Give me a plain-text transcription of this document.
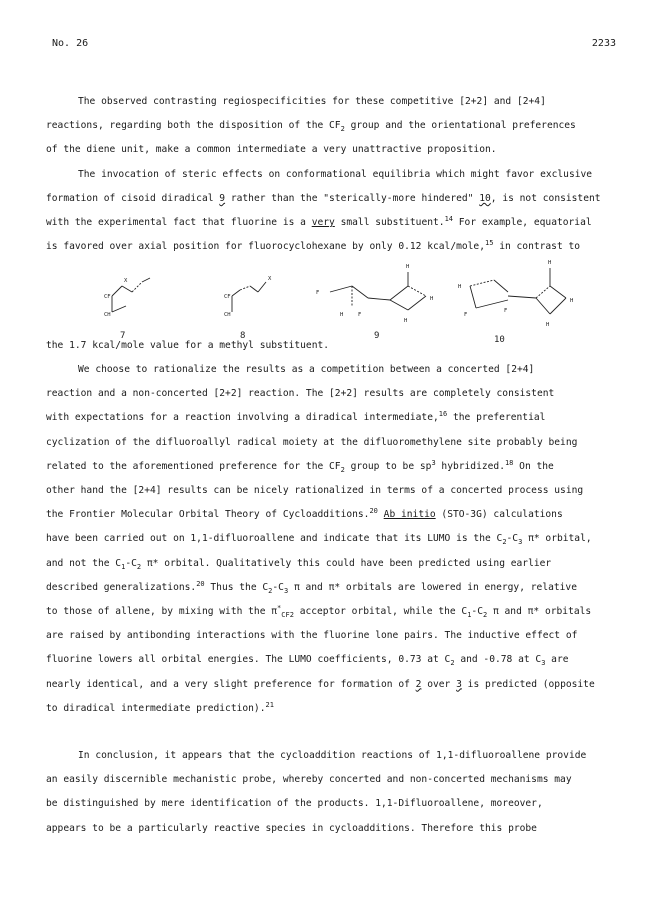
No. 26	2233

The observed contrasting regiospecificities for these competitive [2+2] and [2+4]

reactions, regarding both the disposition of the $CF_2$ group and the orientational preferences

of the diene unit, make a common intermediate a very unattractive proposition.

The invocation of steric effects on conformational equilibria which might favor exclusive

formation of cisoid diradical 9 rather than the "sterically-more hindered" 10, is not consistent

with the experimental fact that fluorine is a very small substituent.$^{14}$ For example, equatorial

is favored over axial position for fluorocyclohexane by only 0.12 kcal/mole,$^{15}$ in contrast to

X
CF
CH
CF
X
CH
F
H	F
H
H
H
H
F
F
H
H
H
7	8	9	10

the 1.7 kcal/mole value for a methyl substituent.

We choose to rationalize the results as a competition between a concerted [2+4]

reaction and a non-concerted [2+2] reaction. The [2+2] results are completely consistent

with expectations for a reaction involving a diradical intermediate,$^{16}$ the preferential

cyclization of the difluoroallyl radical moiety at the difluoromethylene site probably being

related to the aforementioned preference for the $CF_2$ group to be $sp^3$ hybridized.$^{18}$ On the

other hand the [2+4] results can be nicely rationalized in terms of a concerted process using

the Frontier Molecular Orbital Theory of Cycloadditions.$^{20}$ Ab initio (STO-3G) calculations

have been carried out on 1,1-difluoroallene and indicate that its LUMO is the $C_2-C_3$ π* orbital,

and not the $C_1-C_2$ π* orbital. Qualitatively this could have been predicted using earlier

described generalizations.$^{20}$ Thus the $C_2-C_3$ π and π* orbitals are lowered in energy, relative

to those of allene, by mixing with the $\pi^*_{CF2}$ acceptor orbital, while the $C_1-C_2$ π and π* orbitals

are raised by antibonding interactions with the fluorine lone pairs. The inductive effect of

fluorine lowers all orbital energies. The LUMO coefficients, 0.73 at $C_2$ and -0.78 at $C_3$ are

nearly identical, and a very slight preference for formation of 2 over 3 is predicted (opposite

to diradical intermediate prediction).$^{21}$

In conclusion, it appears that the cycloaddition reactions of 1,1-difluoroallene provide

an easily discernible mechanistic probe, whereby concerted and non-concerted mechanisms may

be distinguished by mere identification of the products. 1,1-Difluoroallene, moreover,

appears to be a particularly reactive species in cycloadditions. Therefore this probe
